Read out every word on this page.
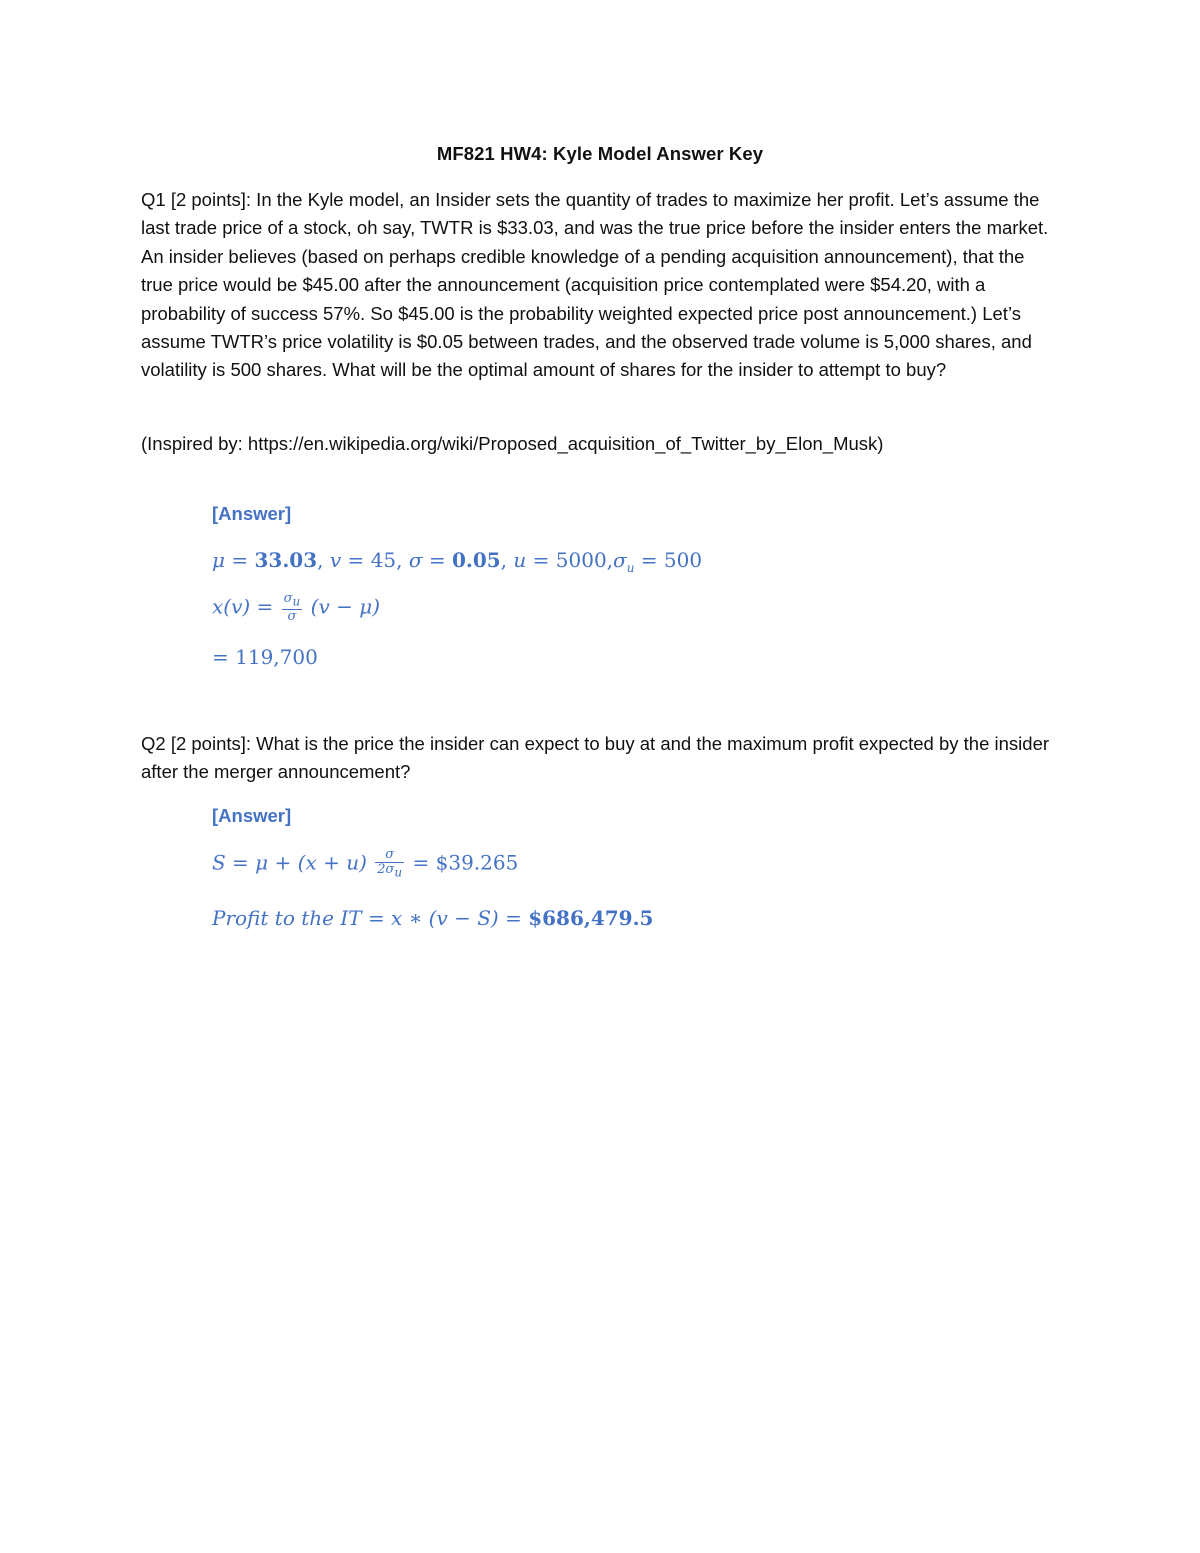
MF821 HW4: Kyle Model Answer Key
Q1 [2 points]: In the Kyle model, an Insider sets the quantity of trades to maximize her profit. Let’s assume the last trade price of a stock, oh say, TWTR is $33.03, and was the true price before the insider enters the market. An insider believes (based on perhaps credible knowledge of a pending acquisition announcement), that the true price would be $45.00 after the announcement (acquisition price contemplated were $54.20, with a probability of success 57%. So $45.00 is the probability weighted expected price post announcement.) Let’s assume TWTR’s price volatility is $0.05 between trades, and the observed trade volume is 5,000 shares, and volatility is 500 shares. What will be the optimal amount of shares for the insider to attempt to buy?
(Inspired by: https://en.wikipedia.org/wiki/Proposed_acquisition_of_Twitter_by_Elon_Musk)
[Answer]
μ = 33.03, v = 45, σ = 0.05, $u = 5000,\sigma_u = 500$
$x(v) = \frac{\sigma_u}{\sigma} (v - \mu)$
= 119,700
Q2 [2 points]: What is the price the insider can expect to buy at and the maximum profit expected by the insider after the merger announcement?
[Answer]
$S = \mu + (x + u) \frac{\sigma}{2\sigma_u}$ = $39.265
Profit to the IT = x ∗ (v − S) = $686,479.5
